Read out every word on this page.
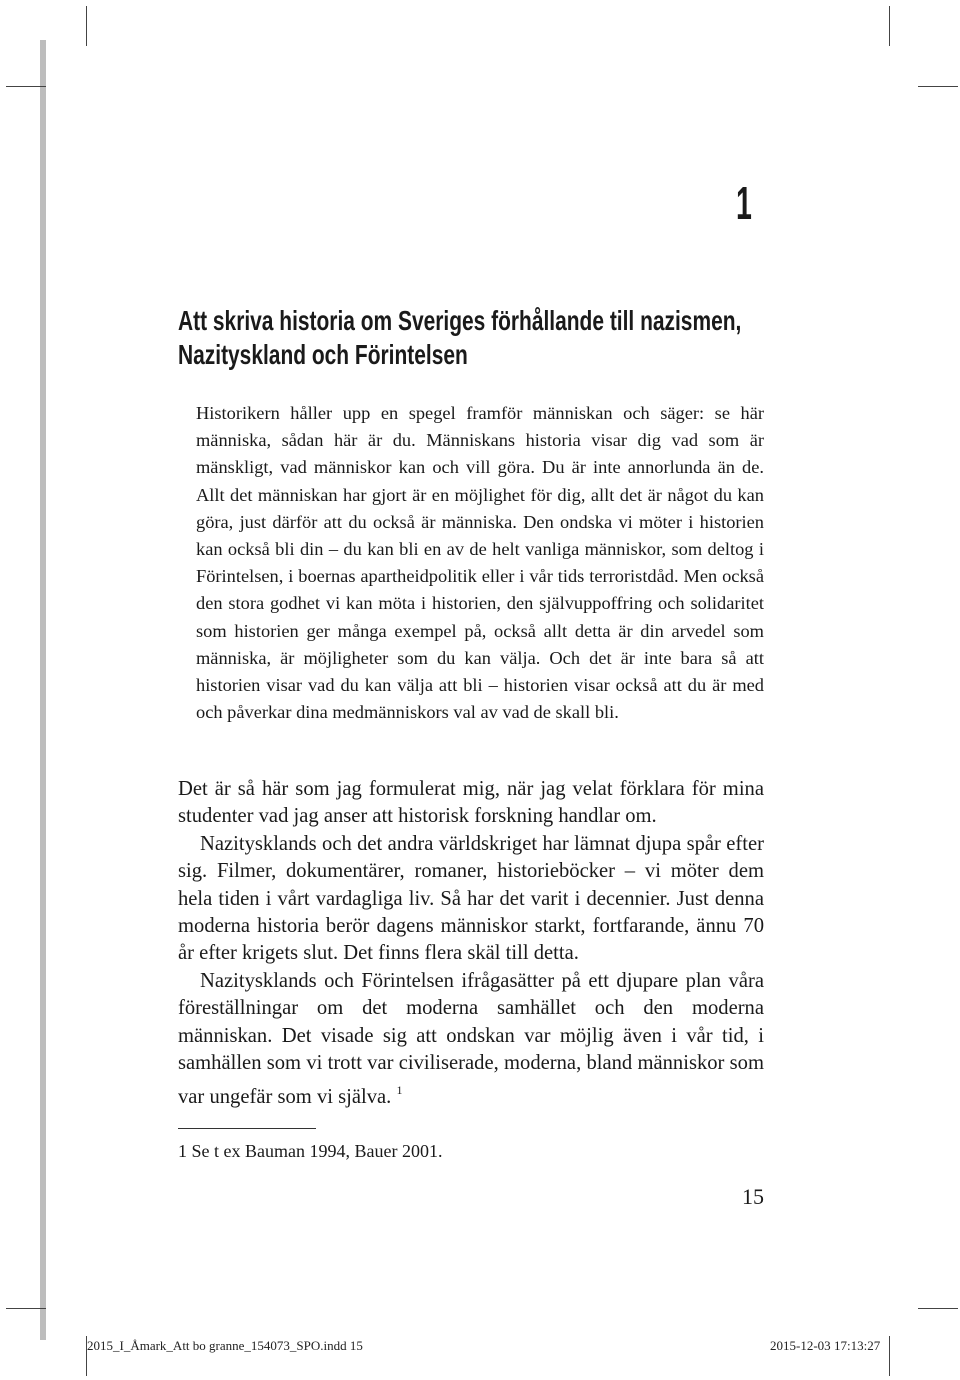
1
Att skriva historia om Sveriges förhållande till nazismen,
Nazityskland och Förintelsen
Historikern håller upp en spegel framför människan och säger: se här människa, sådan här är du. Människans historia visar dig vad som är mänskligt, vad människor kan och vill göra. Du är inte annorlunda än de. Allt det människan har gjort är en möjlighet för dig, allt det är något du kan göra, just därför att du också är människa. Den ondska vi möter i historien kan också bli din – du kan bli en av de helt vanliga människor, som deltog i Förintelsen, i boernas apartheidpolitik eller i vår tids terroristdåd. Men också den stora godhet vi kan möta i historien, den självuppoffring och solidaritet som historien ger många exempel på, också allt detta är din arvedel som människa, är möjligheter som du kan välja. Och det är inte bara så att historien visar vad du kan välja att bli – historien visar också att du är med och påverkar dina medmänniskors val av vad de skall bli.

Det är så här som jag formulerat mig, när jag velat förklara för mina studenter vad jag anser att historisk forskning handlar om.

Nazitysklands och det andra världskriget har lämnat djupa spår efter sig. Filmer, dokumentärer, romaner, historieböcker – vi möter dem hela tiden i vårt vardagliga liv. Så har det varit i decennier. Just denna moderna historia berör dagens människor starkt, fortfarande, ännu 70 år efter krigets slut. Det finns flera skäl till detta.

Nazitysklands och Förintelsen ifrågasätter på ett djupare plan våra föreställningar om det moderna samhället och den moderna människan. Det visade sig att ondskan var möjlig även i vår tid, i samhällen som vi trott var civiliserade, moderna, bland människor som var ungefär som vi själva. $^1$

1 Se t ex Bauman 1994, Bauer 2001.
15
2015_I_Åmark_Att bo granne_154073_SPO.indd 15	2015-12-03 17:13:27
